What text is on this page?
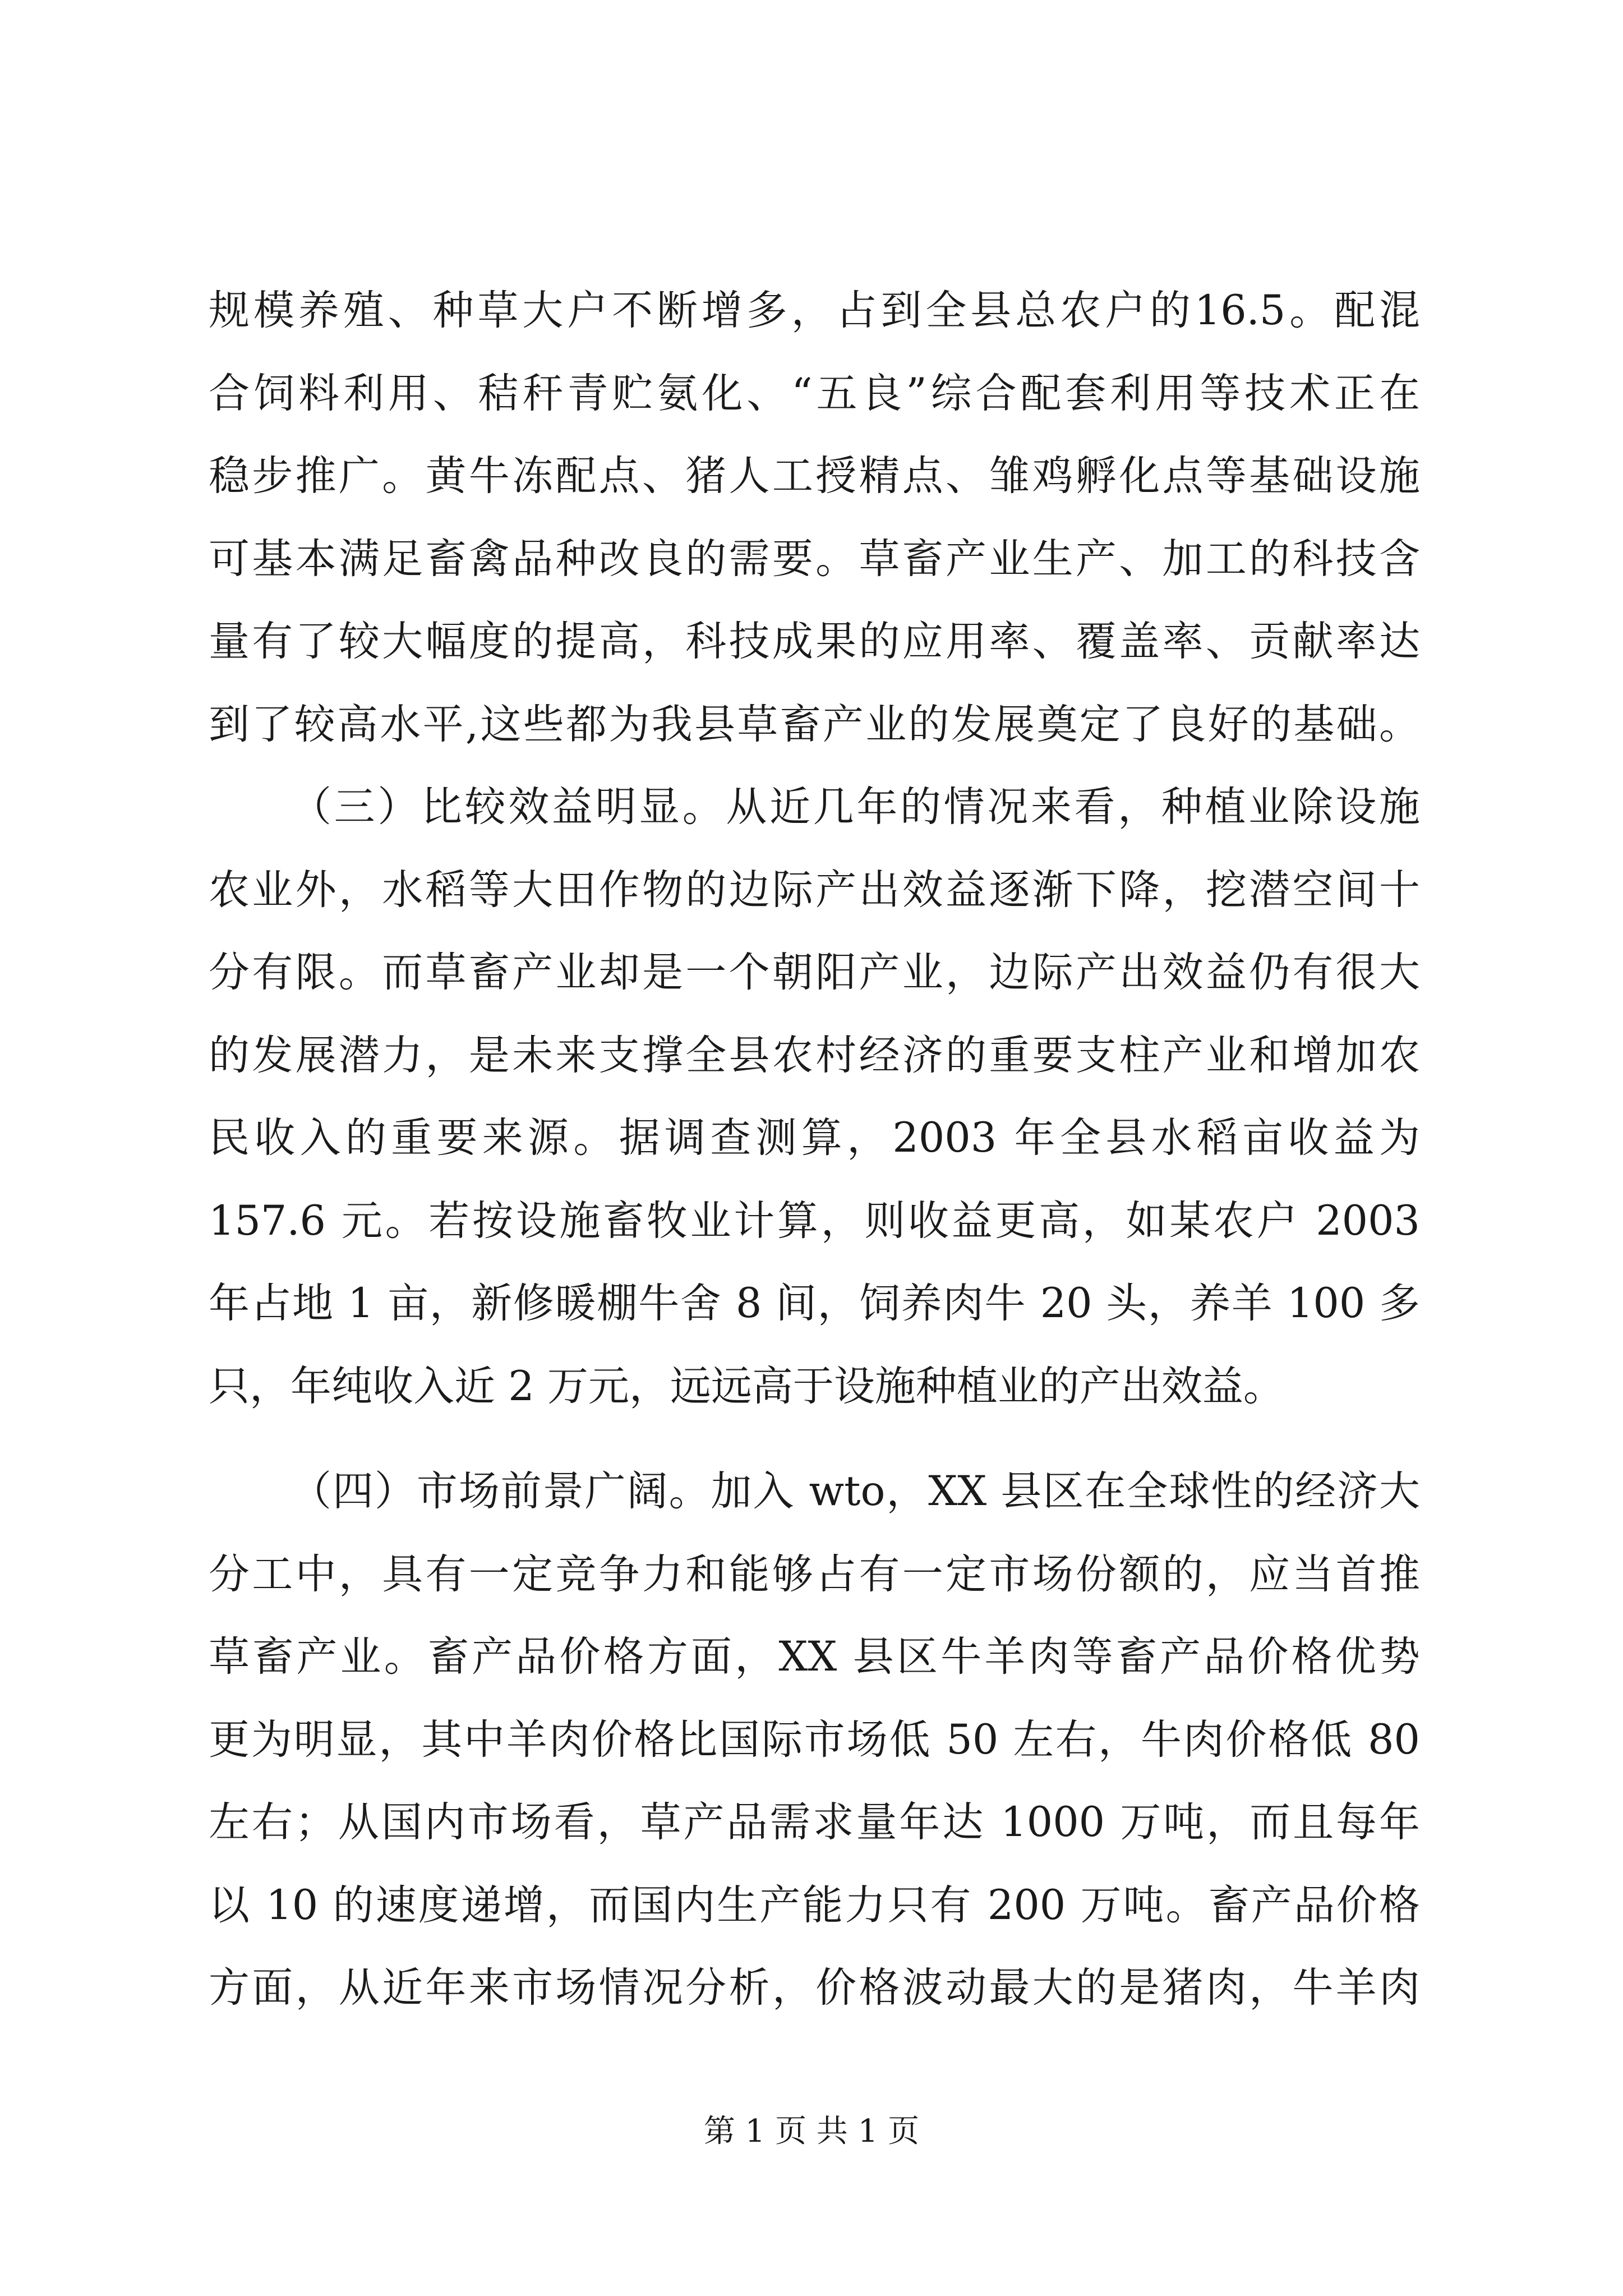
规模养殖、种草大户不断增多，占到全县总农户的16.5。配混
合饲料利用、秸秆青贮氨化、“五良”综合配套利用等技术正在
稳步推广。黄牛冻配点、猪人工授精点、雏鸡孵化点等基础设施
可基本满足畜禽品种改良的需要。草畜产业生产、加工的科技含
量有了较大幅度的提高，科技成果的应用率、覆盖率、贡献率达
到了较高水平,这些都为我县草畜产业的发展奠定了良好的基础。
（三）比较效益明显。从近几年的情况来看，种植业除设施
农业外，水稻等大田作物的边际产出效益逐渐下降，挖潜空间十
分有限。而草畜产业却是一个朝阳产业，边际产出效益仍有很大
的发展潜力，是未来支撑全县农村经济的重要支柱产业和增加农
民收入的重要来源。据调查测算，2003 年全县水稻亩收益为
157.6 元。若按设施畜牧业计算，则收益更高，如某农户 2003
年占地 1 亩，新修暖棚牛舍 8 间，饲养肉牛 20 头，养羊 100 多
只，年纯收入近 2 万元，远远高于设施种植业的产出效益。
（四）市场前景广阔。加入 wto，XX 县区在全球性的经济大
分工中，具有一定竞争力和能够占有一定市场份额的，应当首推
草畜产业。畜产品价格方面，XX 县区牛羊肉等畜产品价格优势
更为明显，其中羊肉价格比国际市场低 50 左右，牛肉价格低 80
左右；从国内市场看，草产品需求量年达 1000 万吨，而且每年
以 10 的速度递增，而国内生产能力只有 200 万吨。畜产品价格
方面，从近年来市场情况分析，价格波动最大的是猪肉，牛羊肉
第 1 页 共 1 页
